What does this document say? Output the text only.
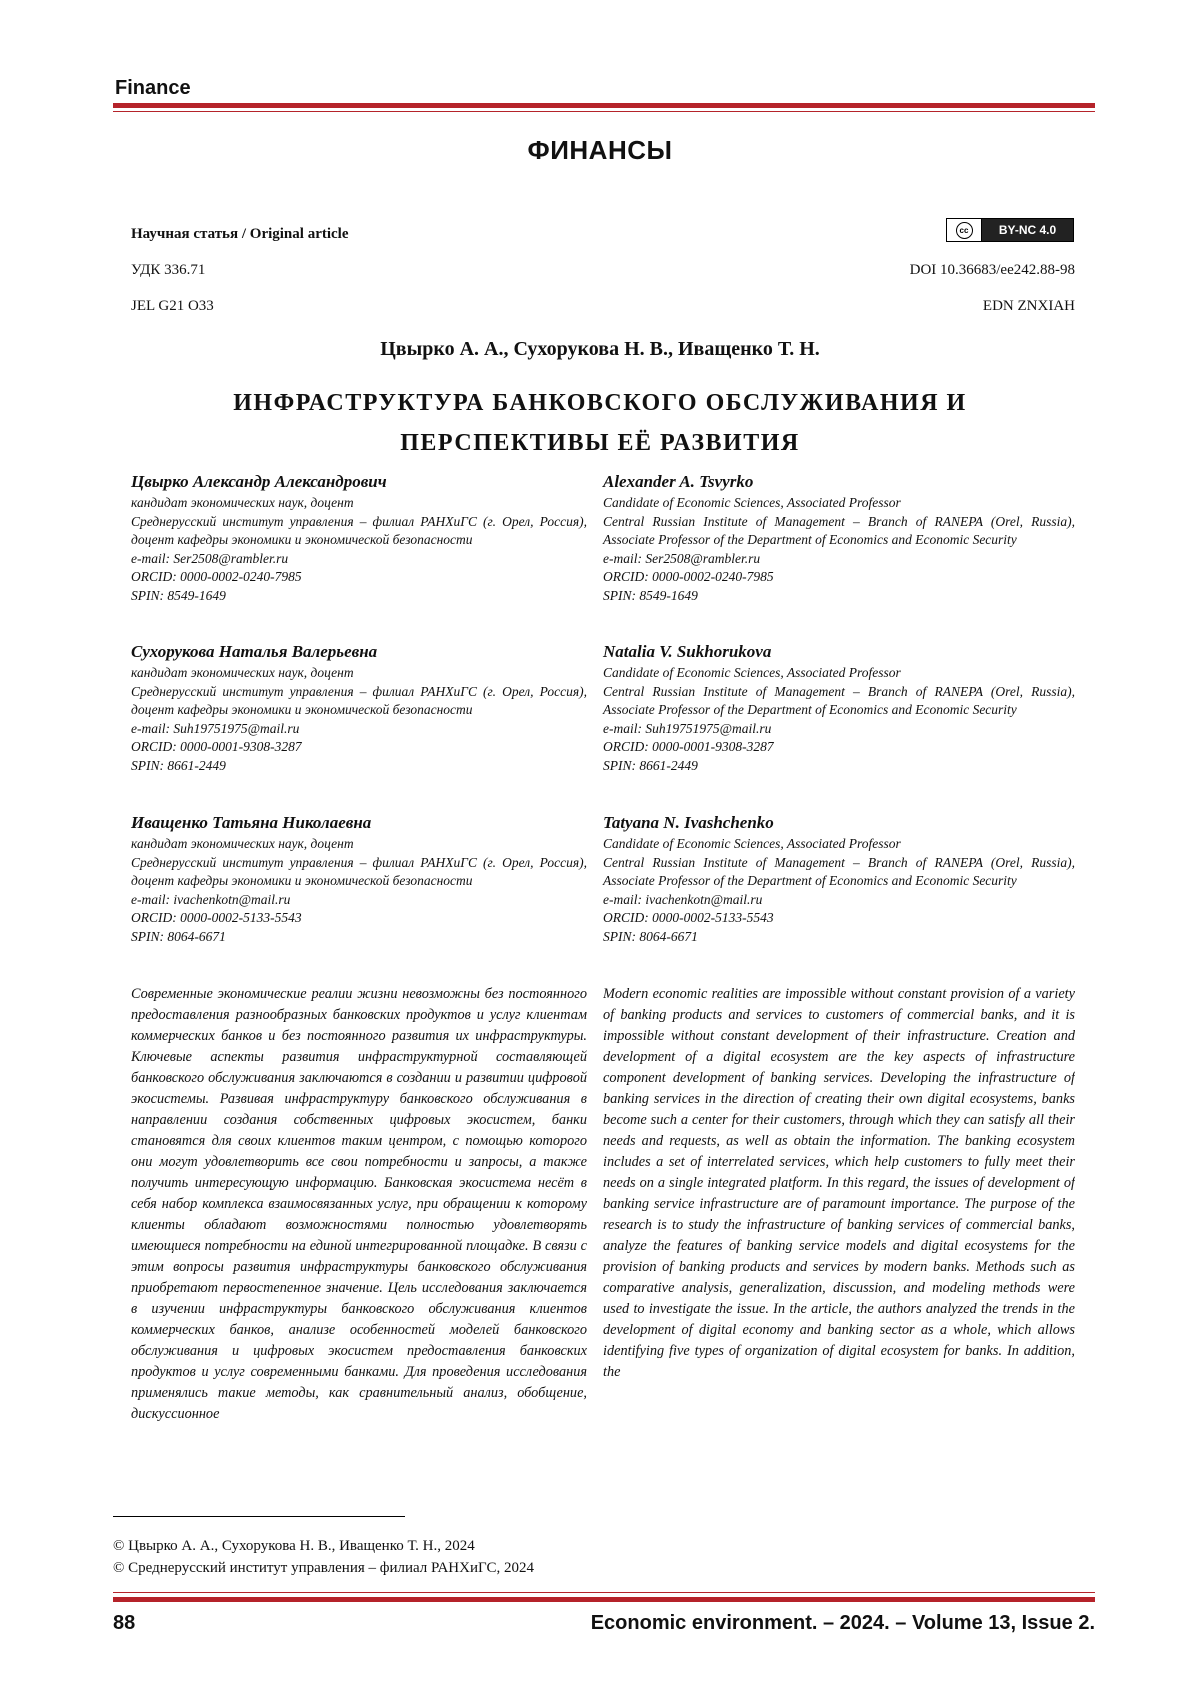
Finance
ФИНАНСЫ
Научная статья / Original article	cc	BY-NC 4.0
УДК 336.71	DOI 10.36683/ee242.88-98
JEL G21 O33	EDN ZNXIAH
Цвырко А. А., Сухорукова Н. В., Иващенко Т. Н.
ИНФРАСТРУКТУРА БАНКОВСКОГО ОБСЛУЖИВАНИЯ И
ПЕРСПЕКТИВЫ ЕЁ РАЗВИТИЯ
Цвырко Александр Александрович
кандидат экономических наук, доцент
Среднерусский институт управления – филиал РАНХиГС (г. Орел, Россия), доцент кафедры экономики и экономической безопасности
e-mail: Ser2508@rambler.ru
ORCID: 0000-0002-0240-7985
SPIN: 8549-1649
Сухорукова Наталья Валерьевна
кандидат экономических наук, доцент
Среднерусский институт управления – филиал РАНХиГС (г. Орел, Россия), доцент кафедры экономики и экономической безопасности
e-mail: Suh19751975@mail.ru
ORCID: 0000-0001-9308-3287
SPIN: 8661-2449
Иващенко Татьяна Николаевна
кандидат экономических наук, доцент
Среднерусский институт управления – филиал РАНХиГС (г. Орел, Россия), доцент кафедры экономики и экономической безопасности
e-mail: ivachenkotn@mail.ru
ORCID: 0000-0002-5133-5543
SPIN: 8064-6671
Alexander A. Tsvyrko
Candidate of Economic Sciences, Associated Professor
Central Russian Institute of Management – Branch of RANEPA (Orel, Russia), Associate Professor of the Department of Economics and Economic Security
e-mail: Ser2508@rambler.ru
ORCID: 0000-0002-0240-7985
SPIN: 8549-1649
Natalia V. Sukhorukova
Candidate of Economic Sciences, Associated Professor
Central Russian Institute of Management – Branch of RANEPA (Orel, Russia), Associate Professor of the Department of Economics and Economic Security
e-mail: Suh19751975@mail.ru
ORCID: 0000-0001-9308-3287
SPIN: 8661-2449
Tatyana N. Ivashchenko
Candidate of Economic Sciences, Associated Professor
Central Russian Institute of Management – Branch of RANEPA (Orel, Russia), Associate Professor of the Department of Economics and Economic Security
e-mail: ivachenkotn@mail.ru
ORCID: 0000-0002-5133-5543
SPIN: 8064-6671
Современные экономические реалии жизни невозможны без постоянного предоставления разнообразных банковских продуктов и услуг клиентам коммерческих банков и без постоянного развития их инфраструктуры. Ключевые аспекты развития инфраструктурной составляющей банковского обслуживания заключаются в создании и развитии цифровой экосистемы. Развивая инфраструктуру банковского обслуживания в направлении создания собственных цифровых экосистем, банки становятся для своих клиентов таким центром, с помощью которого они могут удовлетворить все свои потребности и запросы, а также получить интересующую информацию. Банковская экосистема несёт в себя набор комплекса взаимосвязанных услуг, при обращении к которому клиенты обладают возможностями полностью удовлетворять имеющиеся потребности на единой интегрированной площадке. В связи с этим вопросы развития инфраструктуры банковского обслуживания приобретают первостепенное значение. Цель исследования заключается в изучении инфраструктуры банковского обслуживания клиентов коммерческих банков, анализе особенностей моделей банковского обслуживания и цифровых экосистем предоставления банковских продуктов и услуг современными банками. Для проведения исследования применялись такие методы, как сравнительный анализ, обобщение, дискуссионное
Modern economic realities are impossible without constant provision of a variety of banking products and services to customers of commercial banks, and it is impossible without constant development of their infrastructure. Creation and development of a digital ecosystem are the key aspects of infrastructure component development of banking services. Developing the infrastructure of banking services in the direction of creating their own digital ecosystems, banks become such a center for their customers, through which they can satisfy all their needs and requests, as well as obtain the information. The banking ecosystem includes a set of interrelated services, which help customers to fully meet their needs on a single integrated platform. In this regard, the issues of development of banking service infrastructure are of paramount importance. The purpose of the research is to study the infrastructure of banking services of commercial banks, analyze the features of banking service models and digital ecosystems for the provision of banking products and services by modern banks. Methods such as comparative analysis, generalization, discussion, and modeling methods were used to investigate the issue. In the article, the authors analyzed the trends in the development of digital economy and banking sector as a whole, which allows identifying five types of organization of digital ecosystem for banks. In addition, the
© Цвырко А. А., Сухорукова Н. В., Иващенко Т. Н., 2024
© Среднерусский институт управления – филиал РАНХиГС, 2024
88	Economic environment. – 2024. – Volume 13, Issue 2.
